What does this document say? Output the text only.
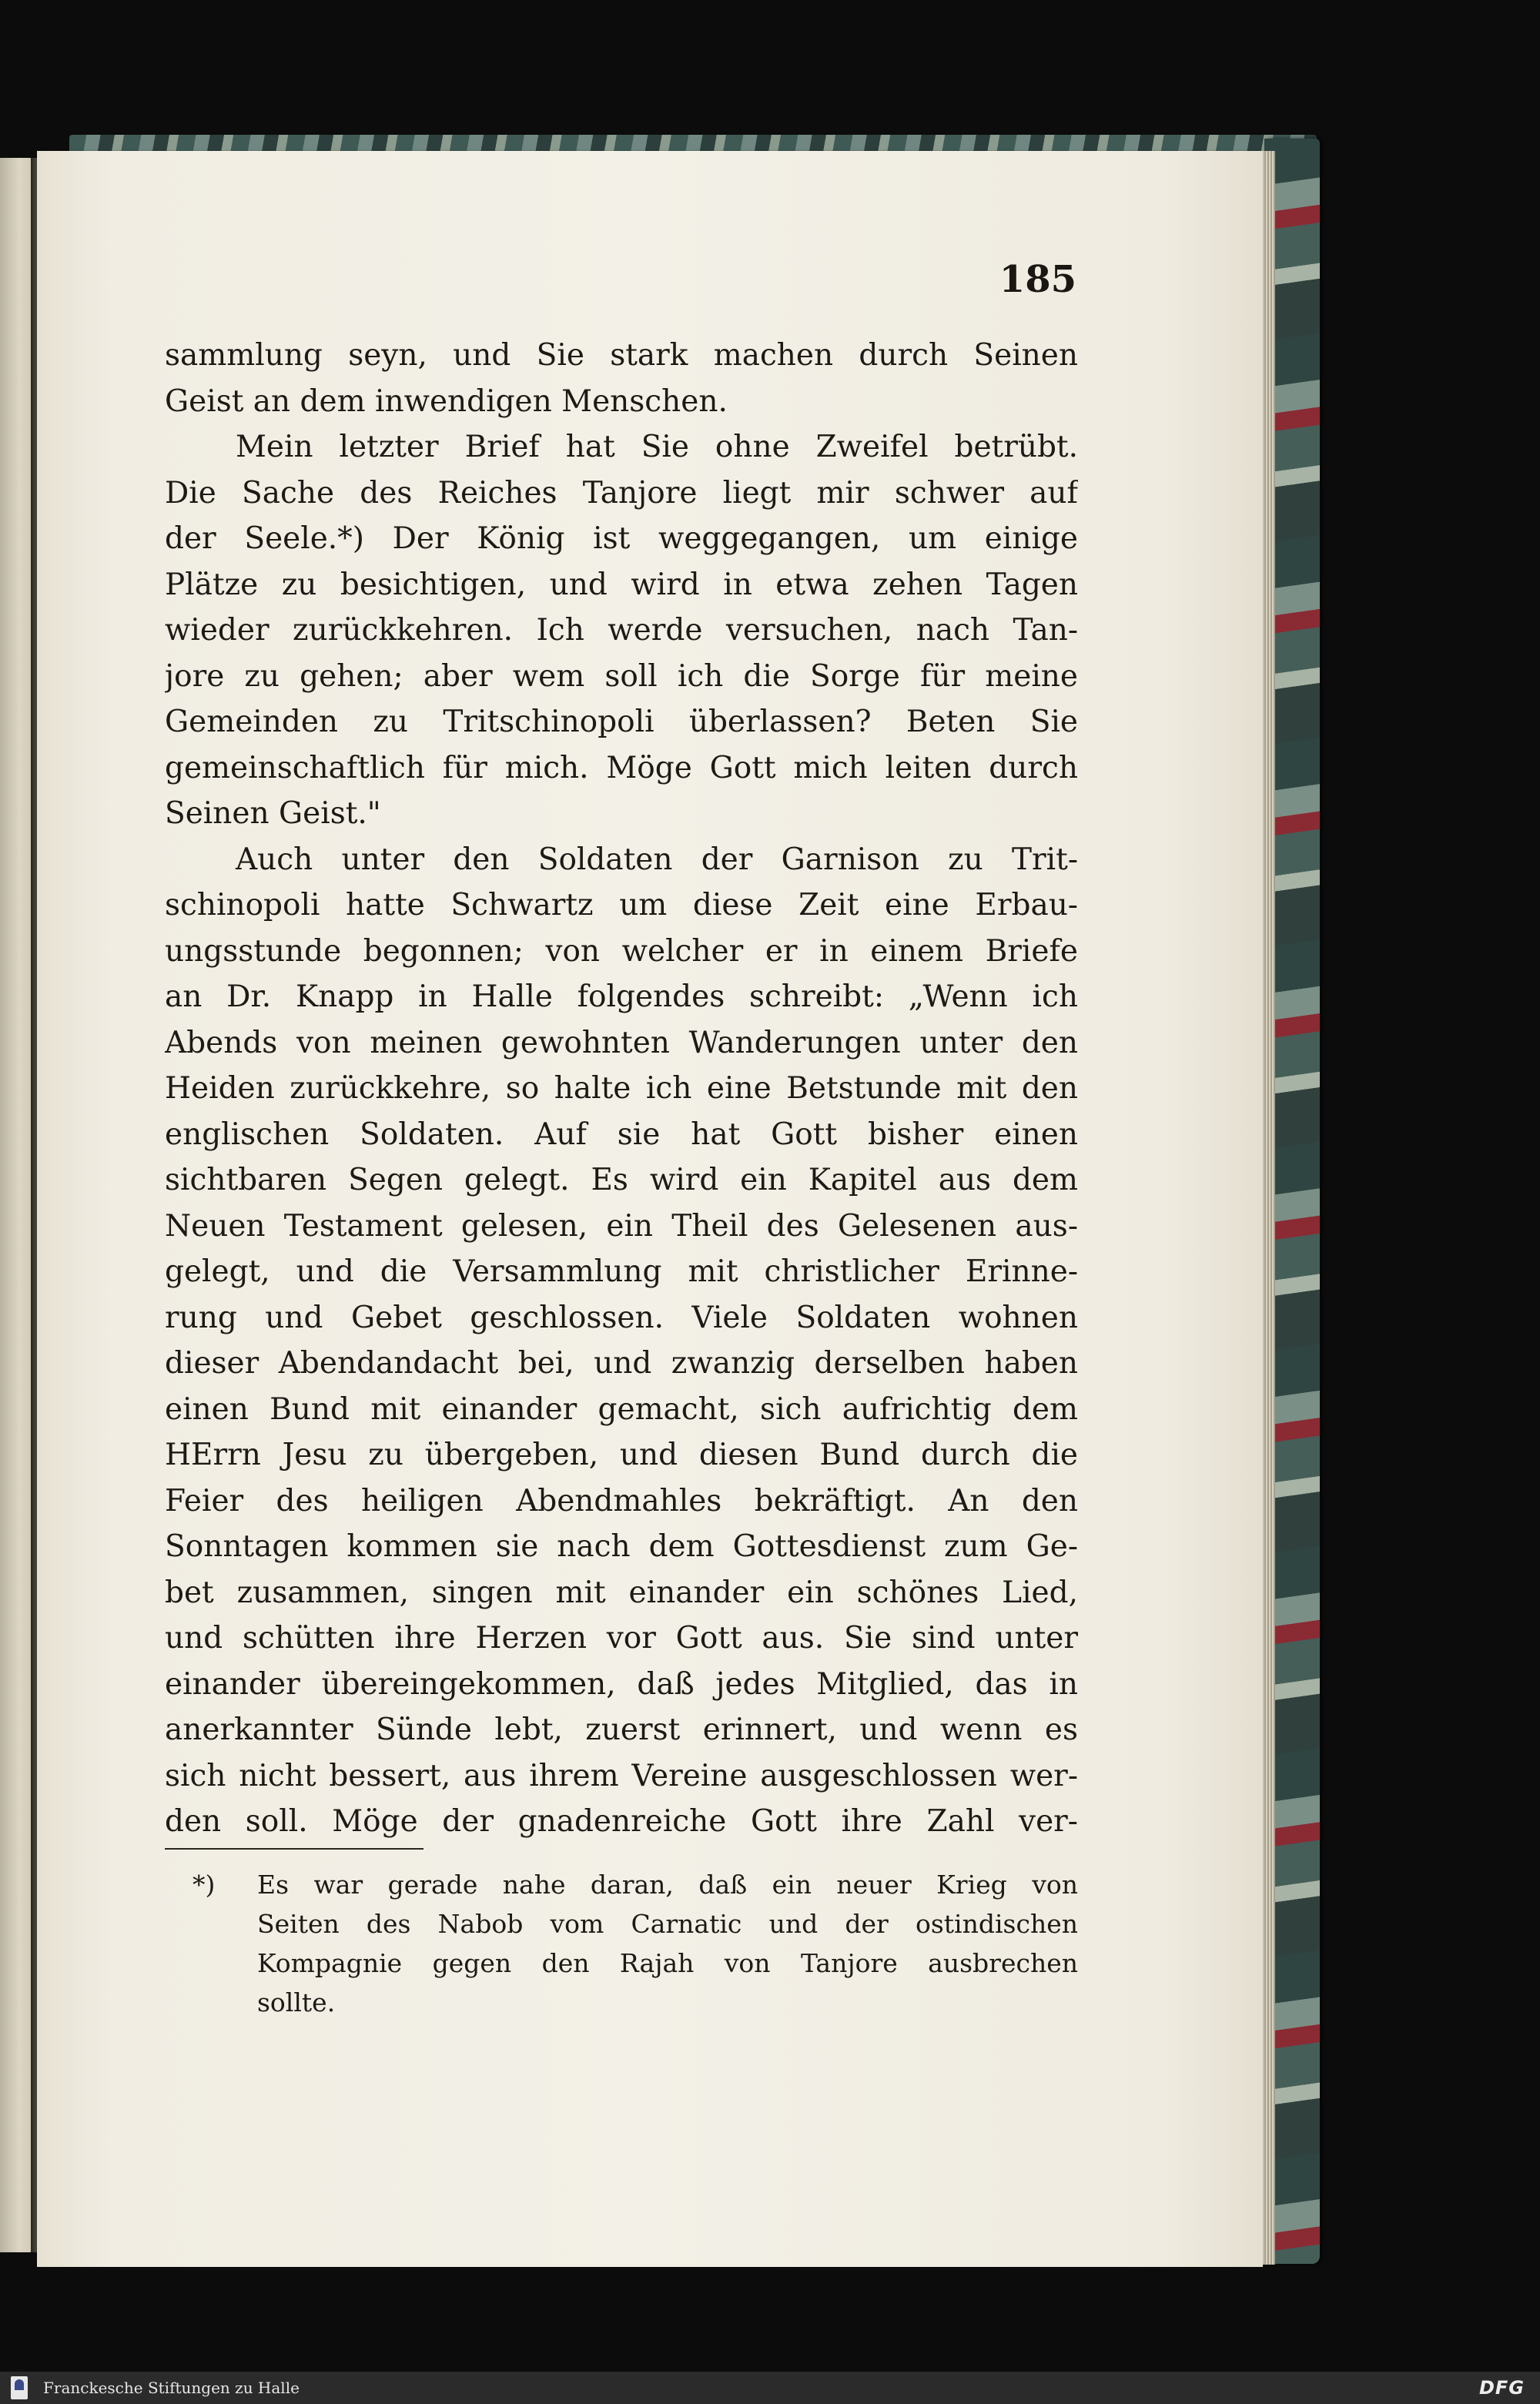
185

sammlung seyn, und Sie stark machen durch Seinen
Geist an dem inwendigen Menschen.
Mein letzter Brief hat Sie ohne Zweifel betrübt.
Die Sache des Reiches Tanjore liegt mir schwer auf
der Seele.*) Der König ist weggegangen, um einige
Plätze zu besichtigen, und wird in etwa zehen Tagen
wieder zurückkehren. Ich werde versuchen, nach Tan-
jore zu gehen; aber wem soll ich die Sorge für meine
Gemeinden zu Tritschinopoli überlassen? Beten Sie
gemeinschaftlich für mich. Möge Gott mich leiten durch
Seinen Geist."
Auch unter den Soldaten der Garnison zu Trit-
schinopoli hatte Schwartz um diese Zeit eine Erbau-
ungsstunde begonnen; von welcher er in einem Briefe
an Dr. Knapp in Halle folgendes schreibt: „Wenn ich
Abends von meinen gewohnten Wanderungen unter den
Heiden zurückkehre, so halte ich eine Betstunde mit den
englischen Soldaten. Auf sie hat Gott bisher einen
sichtbaren Segen gelegt. Es wird ein Kapitel aus dem
Neuen Testament gelesen, ein Theil des Gelesenen aus-
gelegt, und die Versammlung mit christlicher Erinne-
rung und Gebet geschlossen. Viele Soldaten wohnen
dieser Abendandacht bei, und zwanzig derselben haben
einen Bund mit einander gemacht, sich aufrichtig dem
HErrn Jesu zu übergeben, und diesen Bund durch die
Feier des heiligen Abendmahles bekräftigt. An den
Sonntagen kommen sie nach dem Gottesdienst zum Ge-
bet zusammen, singen mit einander ein schönes Lied,
und schütten ihre Herzen vor Gott aus. Sie sind unter
einander übereingekommen, daß jedes Mitglied, das in
anerkannter Sünde lebt, zuerst erinnert, und wenn es
sich nicht bessert, aus ihrem Vereine ausgeschlossen wer-
den soll. Möge der gnadenreiche Gott ihre Zahl ver-
*) Es war gerade nahe daran, daß ein neuer Krieg von
Seiten des Nabob vom Carnatic und der ostindischen
Kompagnie gegen den Rajah von Tanjore ausbrechen
sollte.
Franckesche Stiftungen zu Halle	DFG
